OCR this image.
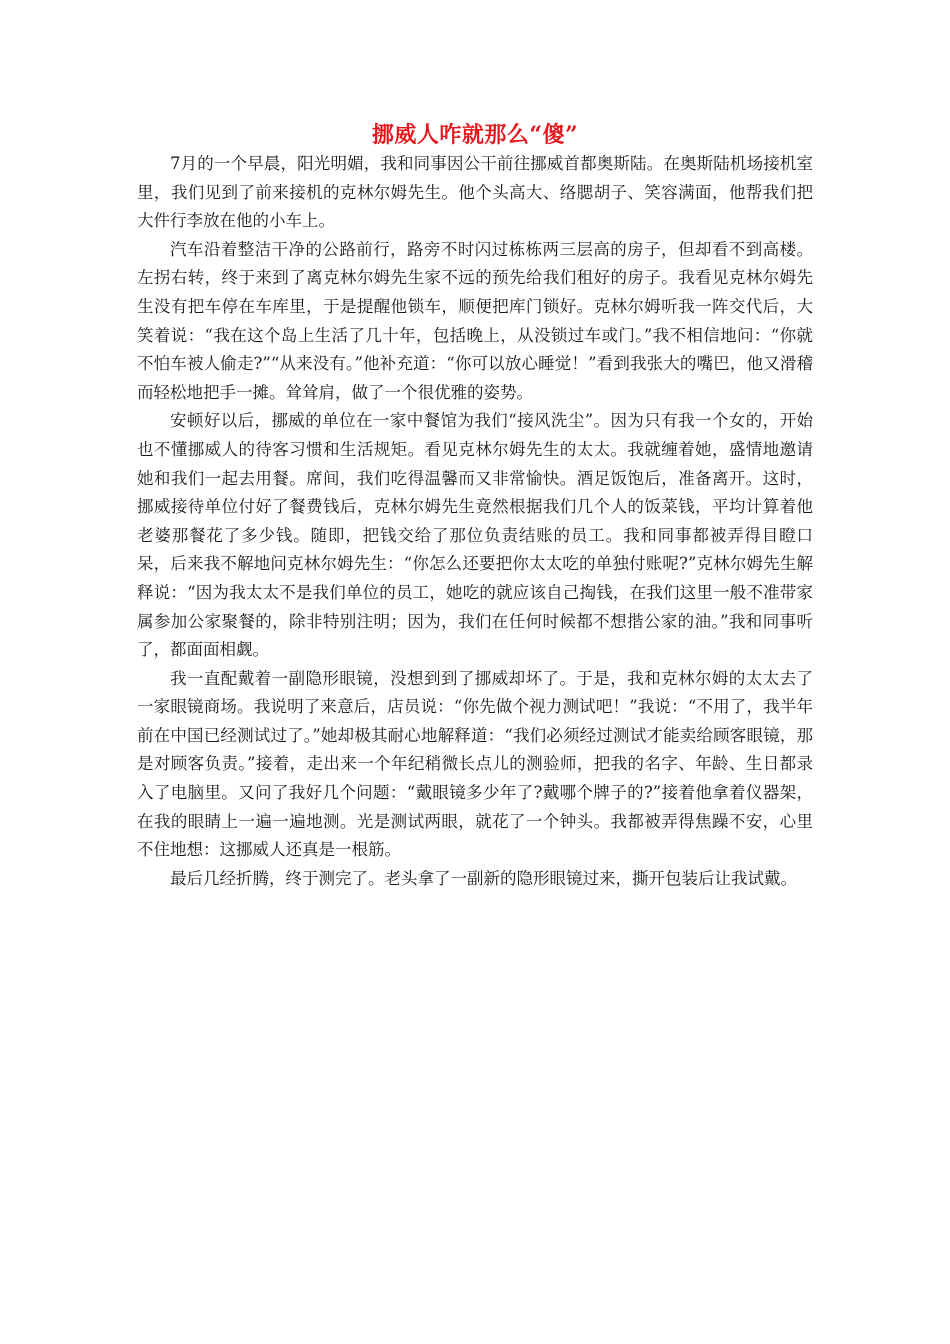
挪威人咋就那么“傻”

7月的一个早晨，阳光明媚，我和同事因公干前往挪威首都奥斯陆。在奥斯陆机场接机室里，我们见到了前来接机的克林尔姆先生。他个头高大、络腮胡子、笑容满面，他帮我们把大件行李放在他的小车上。

汽车沿着整洁干净的公路前行，路旁不时闪过栋栋两三层高的房子，但却看不到高楼。左拐右转，终于来到了离克林尔姆先生家不远的预先给我们租好的房子。我看见克林尔姆先生没有把车停在车库里，于是提醒他锁车，顺便把库门锁好。克林尔姆听我一阵交代后，大笑着说：“我在这个岛上生活了几十年，包括晚上，从没锁过车或门。”我不相信地问：“你就不怕车被人偷走?”“从来没有。”他补充道：“你可以放心睡觉！”看到我张大的嘴巴，他又滑稽而轻松地把手一摊。耸耸肩，做了一个很优雅的姿势。

安顿好以后，挪威的单位在一家中餐馆为我们“接风洗尘”。因为只有我一个女的，开始也不懂挪威人的待客习惯和生活规矩。看见克林尔姆先生的太太。我就缠着她，盛情地邀请她和我们一起去用餐。席间，我们吃得温馨而又非常愉快。酒足饭饱后，准备离开。这时，挪威接待单位付好了餐费钱后，克林尔姆先生竟然根据我们几个人的饭菜钱，平均计算着他老婆那餐花了多少钱。随即，把钱交给了那位负责结账的员工。我和同事都被弄得目瞪口呆，后来我不解地问克林尔姆先生：“你怎么还要把你太太吃的单独付账呢?”克林尔姆先生解释说：“因为我太太不是我们单位的员工，她吃的就应该自己掏钱，在我们这里一般不准带家属参加公家聚餐的，除非特别注明；因为，我们在任何时候都不想揩公家的油。”我和同事听了，都面面相觑。

我一直配戴着一副隐形眼镜，没想到到了挪威却坏了。于是，我和克林尔姆的太太去了一家眼镜商场。我说明了来意后，店员说：“你先做个视力测试吧！”我说：“不用了，我半年前在中国已经测试过了。”她却极其耐心地解释道：“我们必须经过测试才能卖给顾客眼镜，那是对顾客负责。”接着，走出来一个年纪稍微长点儿的测验师，把我的名字、年龄、生日都录入了电脑里。又问了我好几个问题：“戴眼镜多少年了?戴哪个牌子的?”接着他拿着仪器架，在我的眼睛上一遍一遍地测。光是测试两眼，就花了一个钟头。我都被弄得焦躁不安，心里不住地想：这挪威人还真是一根筋。

最后几经折腾，终于测完了。老头拿了一副新的隐形眼镜过来，撕开包装后让我试戴。
